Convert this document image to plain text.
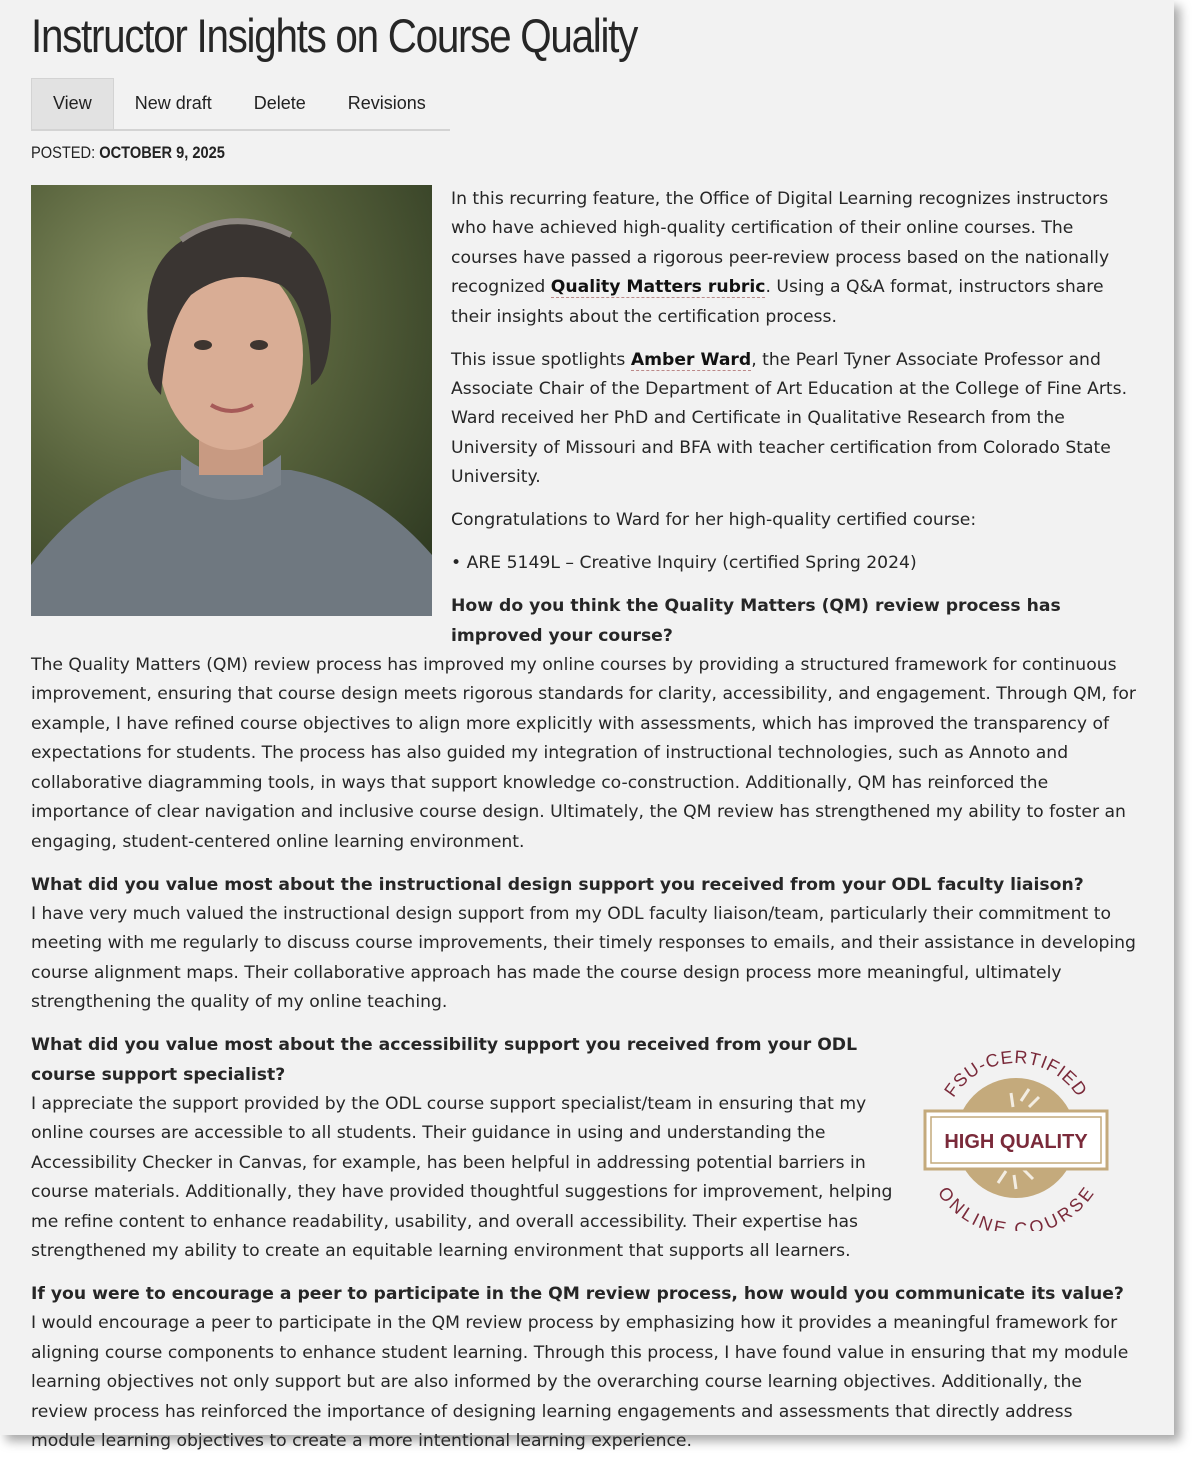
Instructor Insights on Course Quality
View	New draft	Delete	Revisions
POSTED: OCTOBER 9, 2025

In this recurring feature, the Office of Digital Learning recognizes instructors who have achieved high-quality certification of their online courses. The courses have passed a rigorous peer-review process based on the nationally recognized Quality Matters rubric. Using a Q&A format, instructors share their insights about the certification process.

This issue spotlights Amber Ward, the Pearl Tyner Associate Professor and Associate Chair of the Department of Art Education at the College of Fine Arts. Ward received her PhD and Certificate in Qualitative Research from the University of Missouri and BFA with teacher certification from Colorado State University.

Congratulations to Ward for her high-quality certified course:

• ARE 5149L – Creative Inquiry (certified Spring 2024)

How do you think the Quality Matters (QM) review process has improved your course?
The Quality Matters (QM) review process has improved my online courses by providing a structured framework for continuous improvement, ensuring that course design meets rigorous standards for clarity, accessibility, and engagement. Through QM, for example, I have refined course objectives to align more explicitly with assessments, which has improved the transparency of expectations for students. The process has also guided my integration of instructional technologies, such as Annoto and collaborative diagramming tools, in ways that support knowledge co-construction. Additionally, QM has reinforced the importance of clear navigation and inclusive course design. Ultimately, the QM review has strengthened my ability to foster an engaging, student-centered online learning environment.

What did you value most about the instructional design support you received from your ODL faculty liaison?
I have very much valued the instructional design support from my ODL faculty liaison/team, particularly their commitment to meeting with me regularly to discuss course improvements, their timely responses to emails, and their assistance in developing course alignment maps. Their collaborative approach has made the course design process more meaningful, ultimately strengthening the quality of my online teaching.

HIGH QUALITY
FSU-CERTIFIED
ONLINE COURSE

What did you value most about the accessibility support you received from your ODL course support specialist?
I appreciate the support provided by the ODL course support specialist/team in ensuring that my online courses are accessible to all students. Their guidance in using and understanding the Accessibility Checker in Canvas, for example, has been helpful in addressing potential barriers in course materials. Additionally, they have provided thoughtful suggestions for improvement, helping me refine content to enhance readability, usability, and overall accessibility. Their expertise has strengthened my ability to create an equitable learning environment that supports all learners.

If you were to encourage a peer to participate in the QM review process, how would you communicate its value?
I would encourage a peer to participate in the QM review process by emphasizing how it provides a meaningful framework for aligning course components to enhance student learning. Through this process, I have found value in ensuring that my module learning objectives not only support but are also informed by the overarching course learning objectives. Additionally, the review process has reinforced the importance of designing learning engagements and assessments that directly address module learning objectives to create a more intentional learning experience.
